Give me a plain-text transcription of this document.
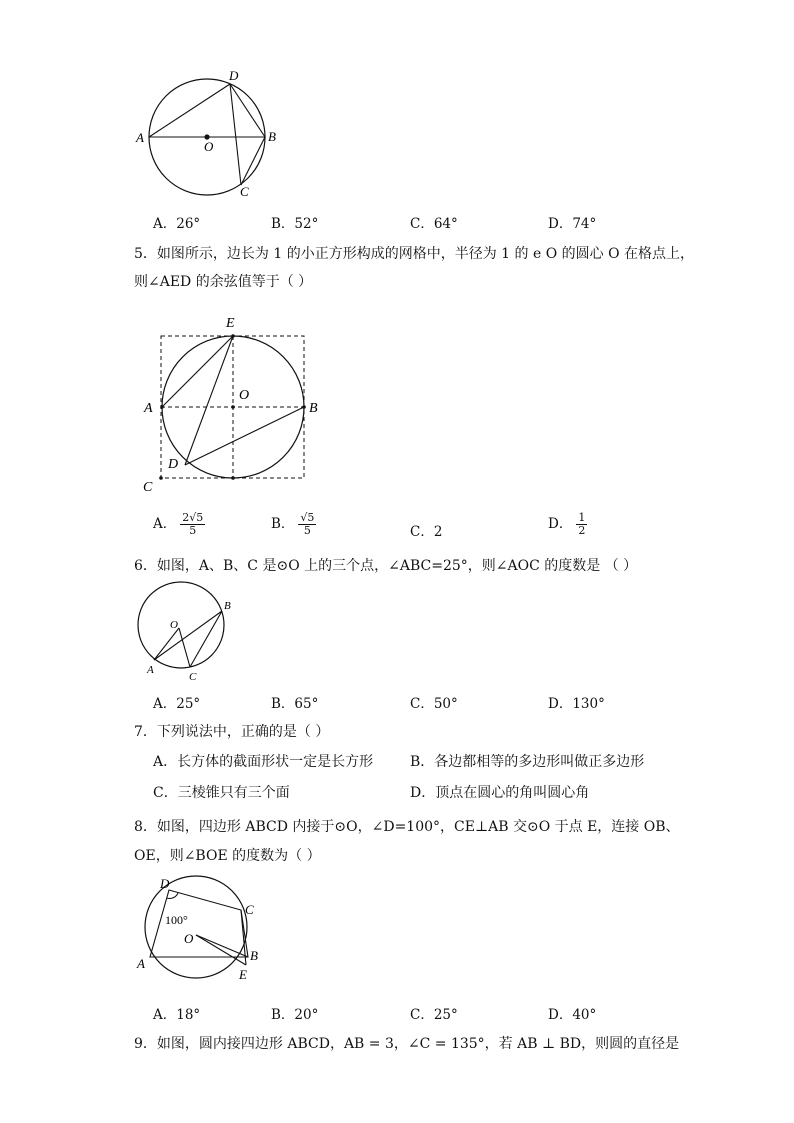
A	B
C
D
O
A．26°	B．52°	C．64°	D．74°
5．如图所示，边长为 1 的小正方形构成的网格中，半径为 1 的 e O 的圆心 O 在格点上，
则∠AED 的余弦值等于（ ）
A	B
C
D
E
O
A． $\frac{2√5}{5}$	B． $\frac{√5}{5}$	C．2	D． $\frac{1}{2}$
6．如图，A、B、C 是⊙O 上的三个点，∠ABC=25°，则∠AOC 的度数是 （ ）
A
B
C
O
A．25°	B．65°	C．50°	D．130°
7．下列说法中，正确的是（ ）
A．长方体的截面形状一定是长方形	B．各边都相等的多边形叫做正多边形
C．三棱锥只有三个面	D．顶点在圆心的角叫圆心角
8．如图，四边形 ABCD 内接于⊙O，∠D=100°，CE⊥AB 交⊙O 于点 E，连接 OB、
OE，则∠BOE 的度数为（ ）
100°
A
B
C
D
E
O
A．18°	B．20°	C．25°	D．40°
9．如图，圆内接四边形 ABCD，AB = 3，∠C = 135°，若 AB ⊥ BD，则圆的直径是
